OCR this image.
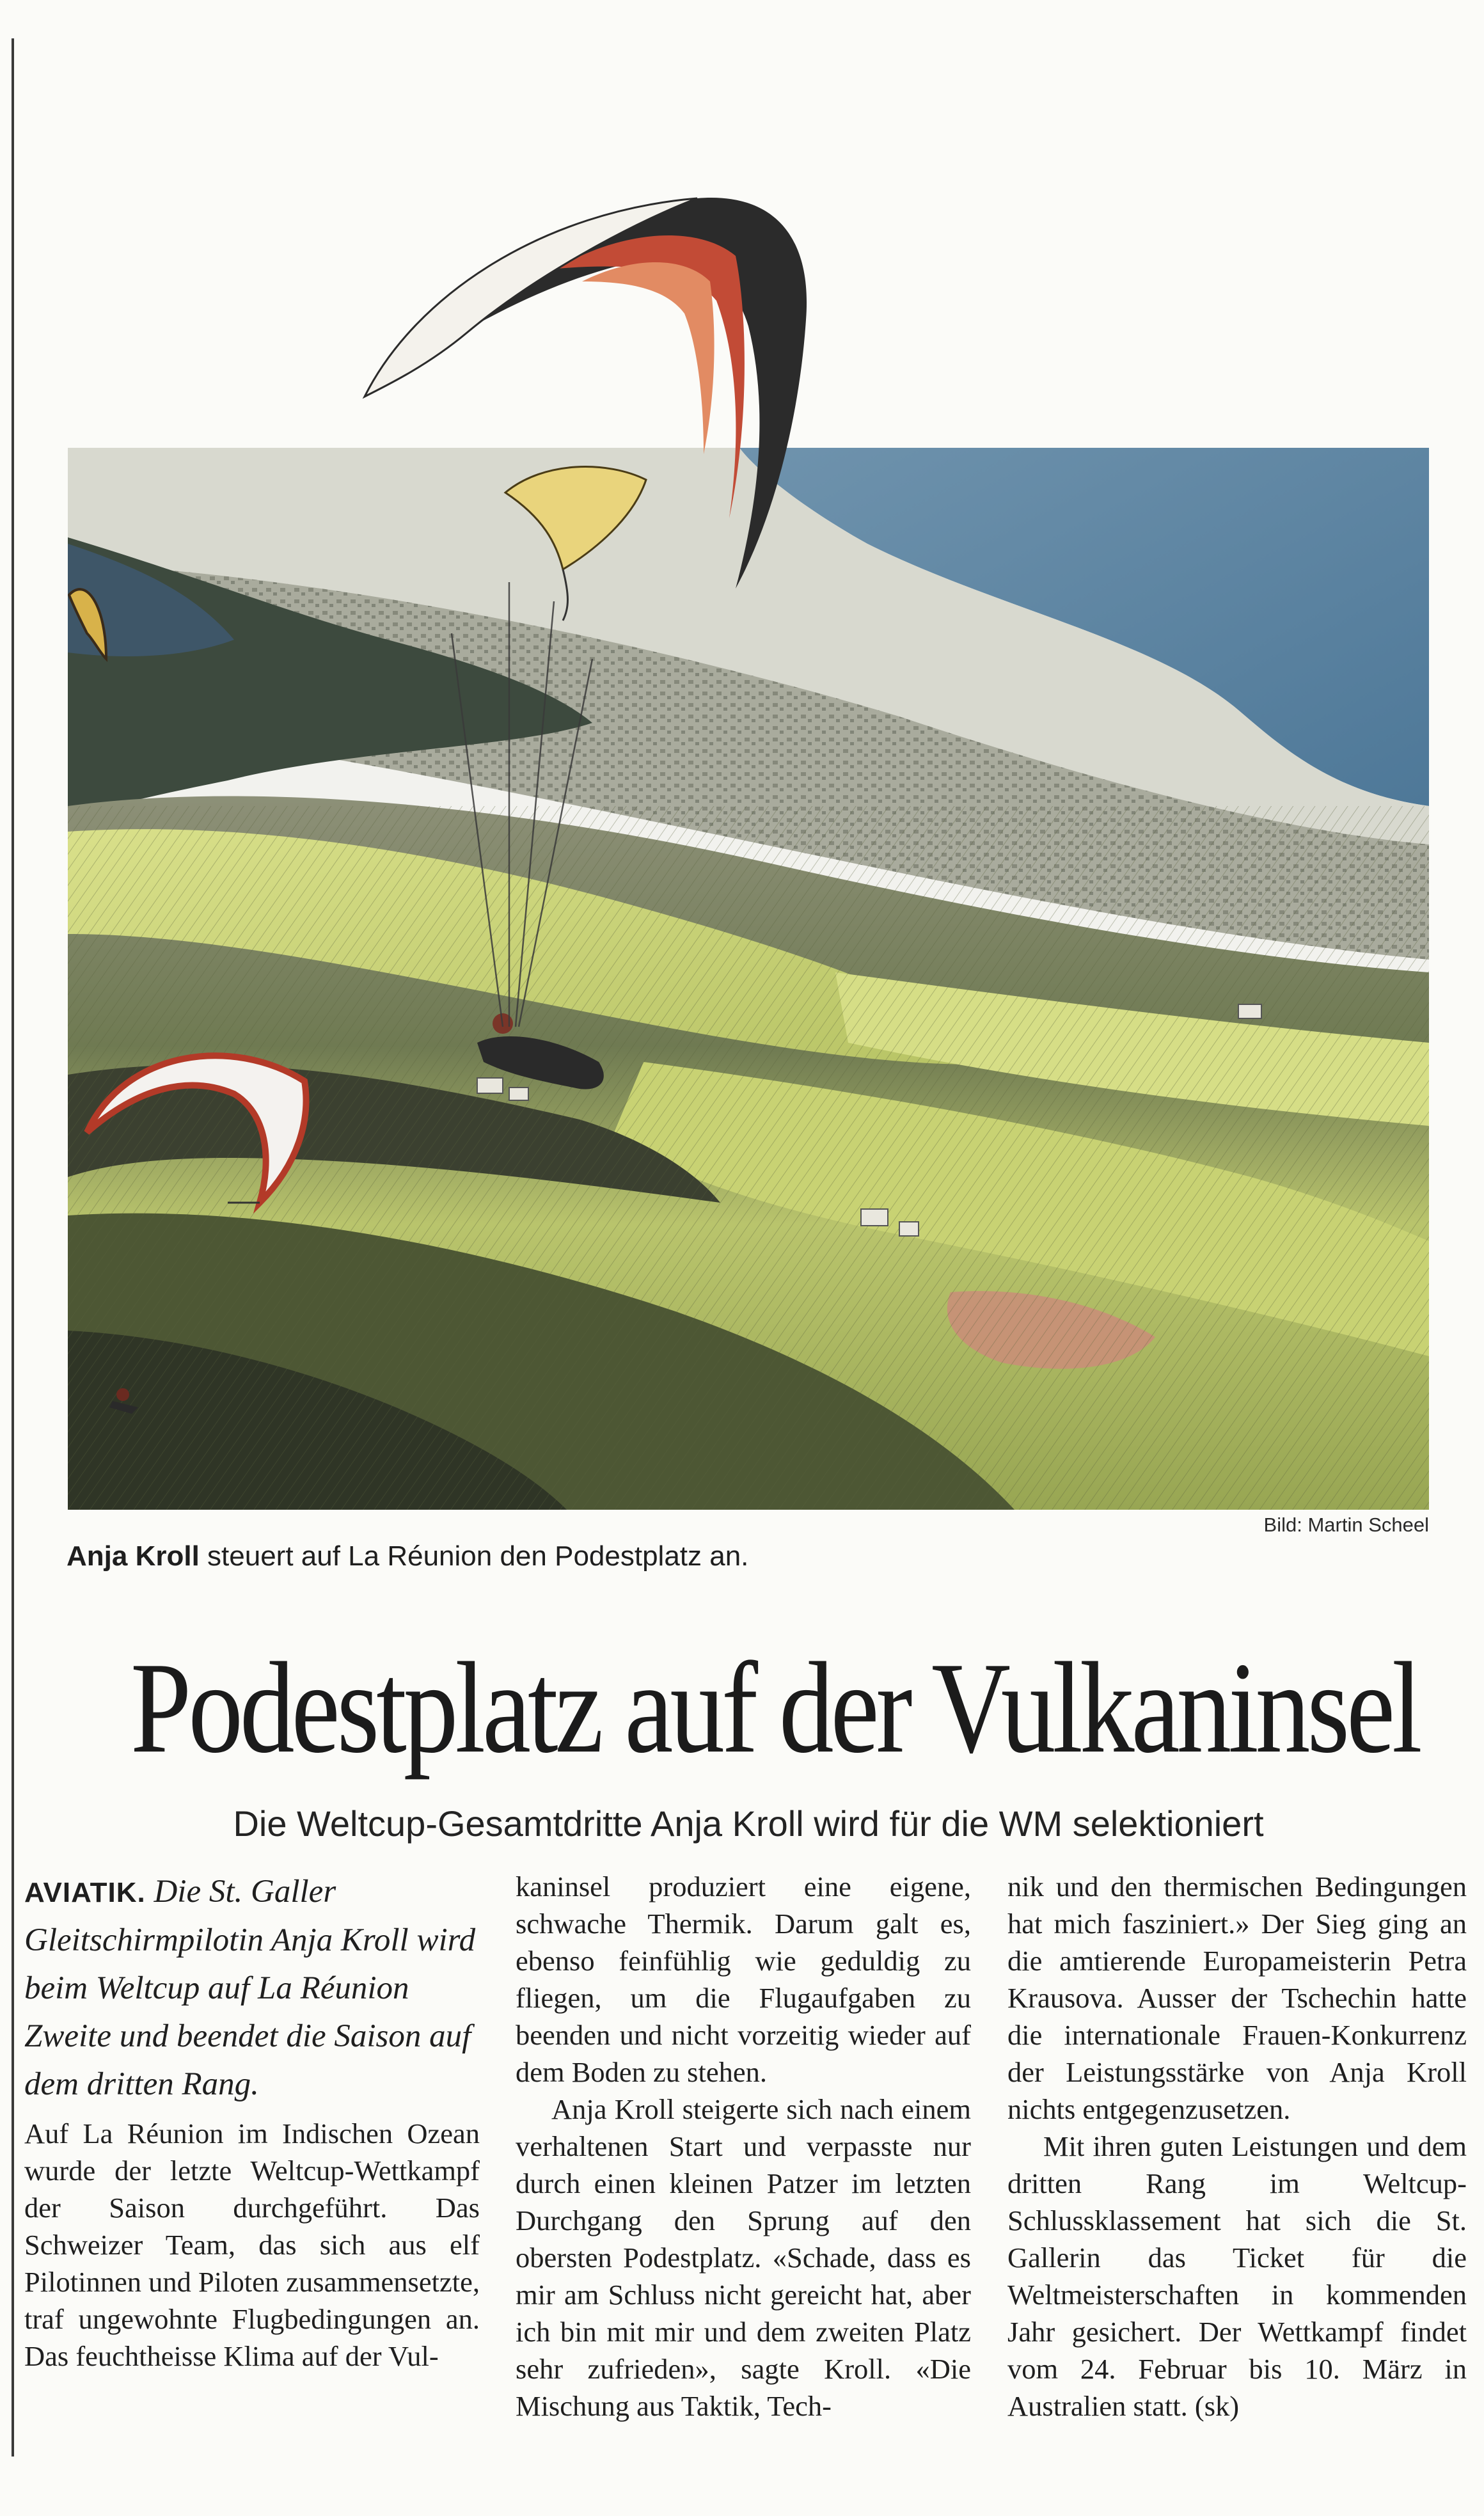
Bild: Martin Scheel
Anja Kroll steuert auf La Réunion den Podestplatz an.
Podestplatz auf der Vulkaninsel
Die Weltcup-Gesamtdritte Anja Kroll wird für die WM selektioniert

AVIATIK. Die St. Galler Gleitschirmpilotin Anja Kroll wird beim Weltcup auf La Réunion Zweite und beendet die Saison auf dem dritten Rang.

Auf La Réunion im Indischen Ozean wurde der letzte Weltcup-Wettkampf der Saison durchgeführt. Das Schweizer Team, das sich aus elf Pilotinnen und Piloten zusammensetzte, traf ungewohnte Flugbedingungen an. Das feuchtheisse Klima auf der Vul-

kaninsel produziert eine eigene, schwache Thermik. Darum galt es, ebenso feinfühlig wie geduldig zu fliegen, um die Flugaufgaben zu beenden und nicht vorzeitig wieder auf dem Boden zu stehen.

Anja Kroll steigerte sich nach einem verhaltenen Start und verpasste nur durch einen kleinen Patzer im letzten Durchgang den Sprung auf den obersten Podestplatz. «Schade, dass es mir am Schluss nicht gereicht hat, aber ich bin mit mir und dem zweiten Platz sehr zufrieden», sagte Kroll. «Die Mischung aus Taktik, Tech-

nik und den thermischen Bedingungen hat mich fasziniert.» Der Sieg ging an die amtierende Europameisterin Petra Krausova. Ausser der Tschechin hatte die internationale Frauen-Konkurrenz der Leistungsstärke von Anja Kroll nichts entgegenzusetzen.

Mit ihren guten Leistungen und dem dritten Rang im Weltcup-Schlussklassement hat sich die St. Gallerin das Ticket für die Weltmeisterschaften in kommenden Jahr gesichert. Der Wettkampf findet vom 24. Februar bis 10. März in Australien statt. (sk)
